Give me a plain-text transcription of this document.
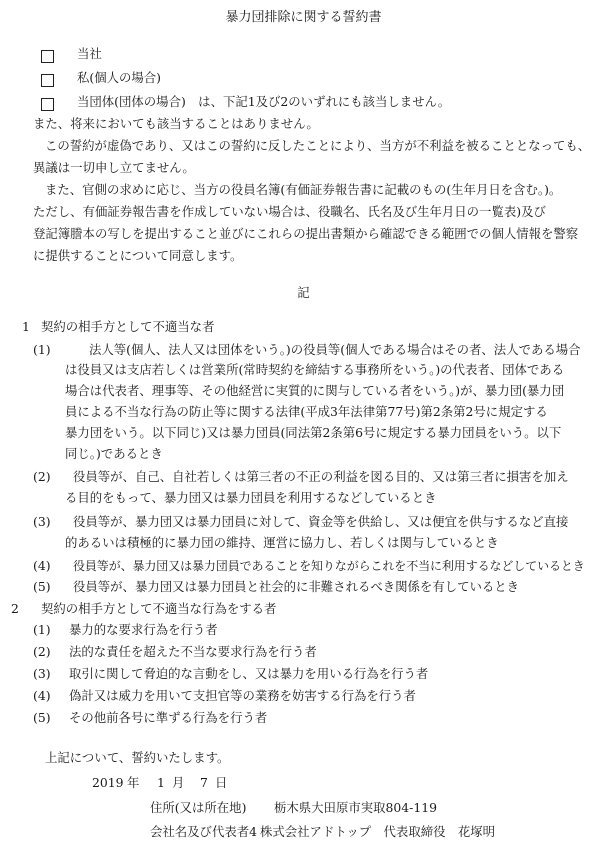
暴力団排除に関する誓約書
当社
私(個人の場合)
当団体(団体の場合)　は、下記1及び2のいずれにも該当しません。
また、将来においても該当することはありません。
この誓約が虚偽であり、又はこの誓約に反したことにより、当方が不利益を被ることとなっても、
異議は一切申し立てません。
また、官側の求めに応じ、当方の役員名簿(有価証券報告書に記載のもの(生年月日を含む。)。
ただし、有価証券報告書を作成していない場合は、役職名、氏名及び生年月日の一覧表)及び
登記簿謄本の写しを提出すること並びにこれらの提出書類から確認できる範囲での個人情報を警察
に提供することについて同意します。
記
1 契約の相手方として不適当な者
(1)	法人等(個人、法人又は団体をいう。)の役員等(個人である場合はその者、法人である場合
は役員又は支店若しくは営業所(常時契約を締結する事務所をいう。)の代表者、団体である
場合は代表者、理事等、その他経営に実質的に関与している者をいう。)が、暴力団(暴力団
員による不当な行為の防止等に関する法律(平成3年法律第77号)第2条第2号に規定する
暴力団をいう。以下同じ)又は暴力団員(同法第2条第6号に規定する暴力団員をいう。以下
同じ。)であるとき
(2) 役員等が、自己、自社若しくは第三者の不正の利益を図る目的、又は第三者に損害を加え
る目的をもって、暴力団又は暴力団員を利用するなどしているとき
(3) 役員等が、暴力団又は暴力団員に対して、資金等を供給し、又は便宜を供与するなど直接
的あるいは積極的に暴力団の維持、運営に協力し、若しくは関与しているとき
(4) 役員等が、暴力団又は暴力団員であることを知りながらこれを不当に利用するなどしているとき
(5) 役員等が、暴力団又は暴力団員と社会的に非難されるべき関係を有しているとき
2 契約の相手方として不適当な行為をする者
(1) 暴力的な要求行為を行う者
(2) 法的な責任を超えた不当な要求行為を行う者
(3) 取引に関して脅迫的な言動をし、又は暴力を用いる行為を行う者
(4) 偽計又は威力を用いて支担官等の業務を妨害する行為を行う者
(5) その他前各号に準ずる行為を行う者
上記について、誓約いたします。
2019 年 1 月 7 日
住所(又は所在地) 栃木県大田原市実取804-119
会社名及び代表者4 株式会社アドトップ　代表取締役　花塚明
